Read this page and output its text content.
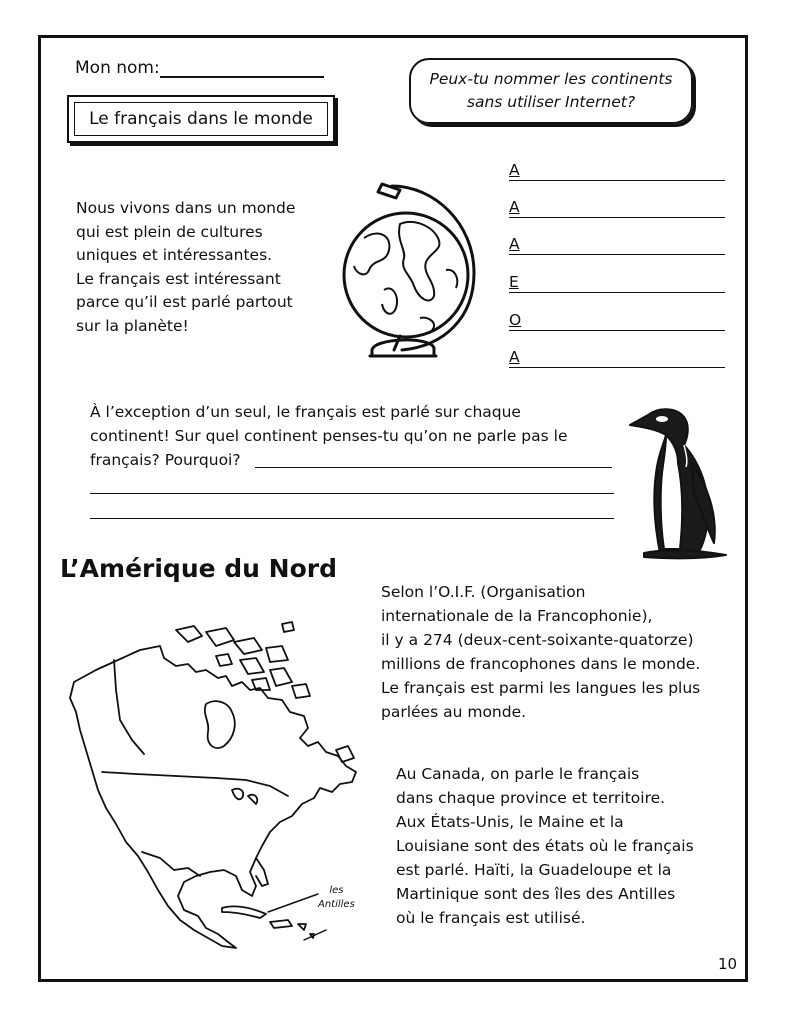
Mon nom:
Le français dans le monde
Peux-tu nommer les continents
sans utiliser Internet?
Nous vivons dans un monde
qui est plein de cultures
uniques et intéressantes.
Le français est intéressant
parce qu’il est parlé partout
sur la planète!
A
A
A
E
O
A
À l’exception d’un seul, le français est parlé sur chaque
continent! Sur quel continent penses-tu qu’on ne parle pas le
français? Pourquoi?
L’Amérique du Nord
Selon l’O.I.F. (Organisation
internationale de la Francophonie),
il y a 274 (deux-cent-soixante-quatorze)
millions de francophones dans le monde.
Le français est parmi les langues les plus
parlées au monde.
les
Antilles
Au Canada, on parle le français
dans chaque province et territoire.
Aux États-Unis, le Maine et la
Louisiane sont des états où le français
est parlé. Haïti, la Guadeloupe et la
Martinique sont des îles des Antilles
où le français est utilisé.
10
